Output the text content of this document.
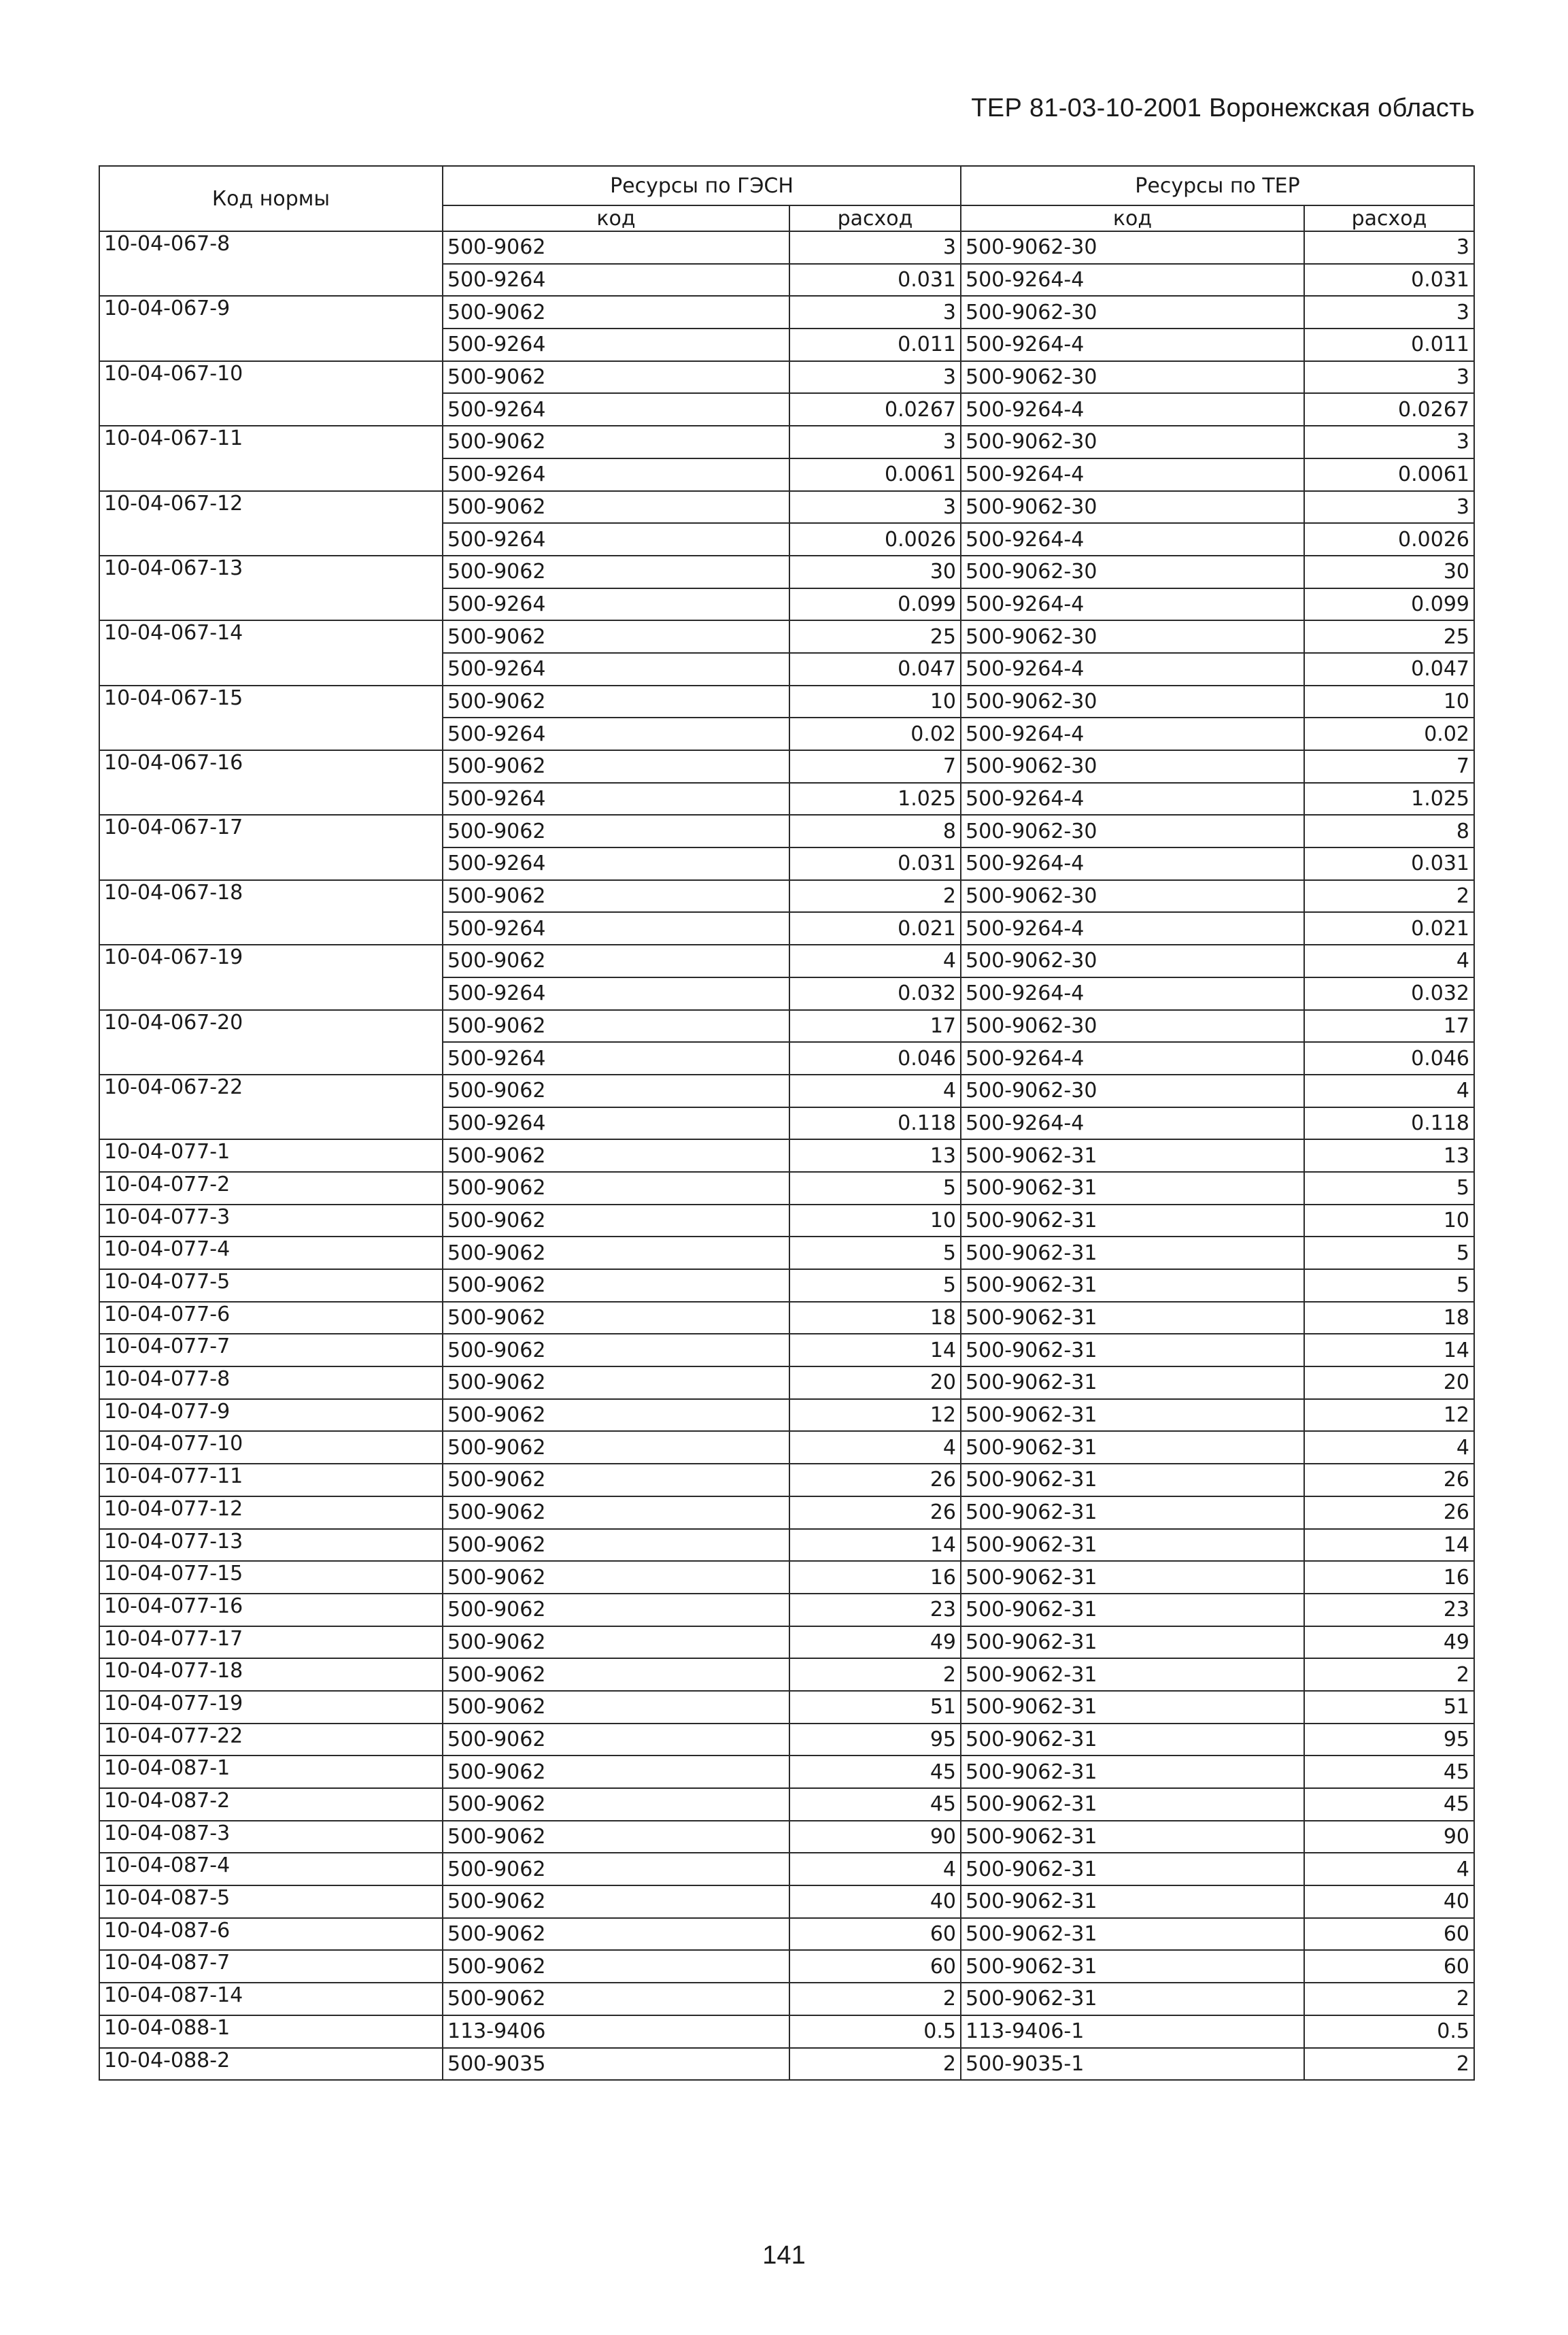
ТЕР 81-03-10-2001 Воронежская область
Код нормы	Ресурсы по ГЭСН		Ресурсы по ТЕР	
	код	расход	код	расход
10-04-067-8	500-9062	3	500-9062-30	3
	500-9264	0.031	500-9264-4	0.031
10-04-067-9	500-9062	3	500-9062-30	3
	500-9264	0.011	500-9264-4	0.011
10-04-067-10	500-9062	3	500-9062-30	3
	500-9264	0.0267	500-9264-4	0.0267
10-04-067-11	500-9062	3	500-9062-30	3
	500-9264	0.0061	500-9264-4	0.0061
10-04-067-12	500-9062	3	500-9062-30	3
	500-9264	0.0026	500-9264-4	0.0026
10-04-067-13	500-9062	30	500-9062-30	30
	500-9264	0.099	500-9264-4	0.099
10-04-067-14	500-9062	25	500-9062-30	25
	500-9264	0.047	500-9264-4	0.047
10-04-067-15	500-9062	10	500-9062-30	10
	500-9264	0.02	500-9264-4	0.02
10-04-067-16	500-9062	7	500-9062-30	7
	500-9264	1.025	500-9264-4	1.025
10-04-067-17	500-9062	8	500-9062-30	8
	500-9264	0.031	500-9264-4	0.031
10-04-067-18	500-9062	2	500-9062-30	2
	500-9264	0.021	500-9264-4	0.021
10-04-067-19	500-9062	4	500-9062-30	4
	500-9264	0.032	500-9264-4	0.032
10-04-067-20	500-9062	17	500-9062-30	17
	500-9264	0.046	500-9264-4	0.046
10-04-067-22	500-9062	4	500-9062-30	4
	500-9264	0.118	500-9264-4	0.118
10-04-077-1	500-9062	13	500-9062-31	13
10-04-077-2	500-9062	5	500-9062-31	5
10-04-077-3	500-9062	10	500-9062-31	10
10-04-077-4	500-9062	5	500-9062-31	5
10-04-077-5	500-9062	5	500-9062-31	5
10-04-077-6	500-9062	18	500-9062-31	18
10-04-077-7	500-9062	14	500-9062-31	14
10-04-077-8	500-9062	20	500-9062-31	20
10-04-077-9	500-9062	12	500-9062-31	12
10-04-077-10	500-9062	4	500-9062-31	4
10-04-077-11	500-9062	26	500-9062-31	26
10-04-077-12	500-9062	26	500-9062-31	26
10-04-077-13	500-9062	14	500-9062-31	14
10-04-077-15	500-9062	16	500-9062-31	16
10-04-077-16	500-9062	23	500-9062-31	23
10-04-077-17	500-9062	49	500-9062-31	49
10-04-077-18	500-9062	2	500-9062-31	2
10-04-077-19	500-9062	51	500-9062-31	51
10-04-077-22	500-9062	95	500-9062-31	95
10-04-087-1	500-9062	45	500-9062-31	45
10-04-087-2	500-9062	45	500-9062-31	45
10-04-087-3	500-9062	90	500-9062-31	90
10-04-087-4	500-9062	4	500-9062-31	4
10-04-087-5	500-9062	40	500-9062-31	40
10-04-087-6	500-9062	60	500-9062-31	60
10-04-087-7	500-9062	60	500-9062-31	60
10-04-087-14	500-9062	2	500-9062-31	2
10-04-088-1	113-9406	0.5	113-9406-1	0.5
10-04-088-2	500-9035	2	500-9035-1	2
141
